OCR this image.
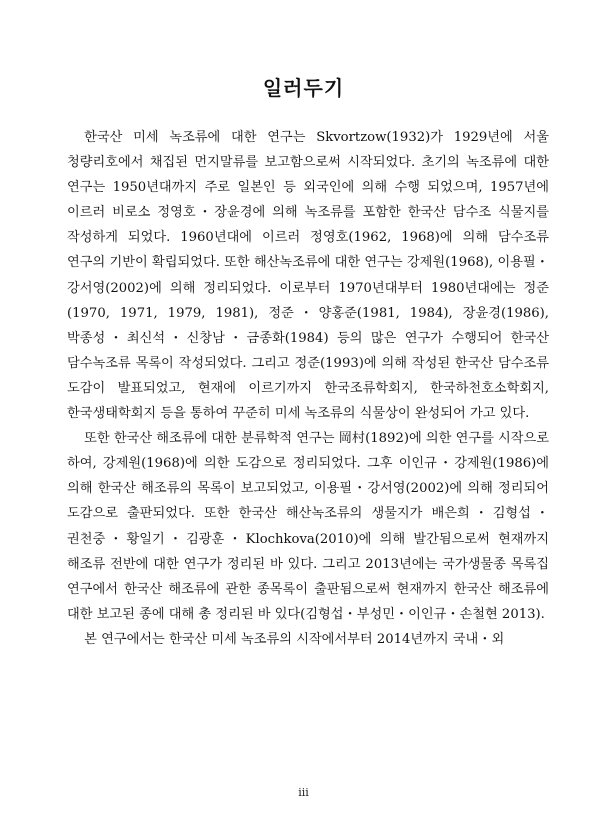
일러두기

한국산 미세 녹조류에 대한 연구는 Skvortzow(1932)가 1929년에 서울 청량리호에서 채집된 먼지말류를 보고함으로써 시작되었다. 초기의 녹조류에 대한 연구는 1950년대까지 주로 일본인 등 외국인에 의해 수행 되었으며, 1957년에 이르러 비로소 정영호・장윤경에 의해 녹조류를 포함한 한국산 담수조 식물지를 작성하게 되었다. 1960년대에 이르러 정영호(1962, 1968)에 의해 담수조류 연구의 기반이 확립되었다. 또한 해산녹조류에 대한 연구는 강제원(1968), 이용필・강서영(2002)에 의해 정리되었다. 이로부터 1970년대부터 1980년대에는 정준(1970, 1971, 1979, 1981), 정준・양홍준(1981, 1984), 장윤경(1986), 박종성・최신석・신창남・금종화(1984) 등의 많은 연구가 수행되어 한국산 담수녹조류 목록이 작성되었다. 그리고 정준(1993)에 의해 작성된 한국산 담수조류 도감이 발표되었고, 현재에 이르기까지 한국조류학회지, 한국하천호소학회지, 한국생태학회지 등을 통하여 꾸준히 미세 녹조류의 식물상이 완성되어 가고 있다.

또한 한국산 해조류에 대한 분류학적 연구는 岡村(1892)에 의한 연구를 시작으로 하여, 강제원(1968)에 의한 도감으로 정리되었다. 그후 이인규・강제원(1986)에 의해 한국산 해조류의 목록이 보고되었고, 이용필・강서영(2002)에 의해 정리되어 도감으로 출판되었다. 또한 한국산 해산녹조류의 생물지가 배은희・김형섭・권천중・황일기・김광훈・Klochkova(2010)에 의해 발간됨으로써 현재까지 해조류 전반에 대한 연구가 정리된 바 있다. 그리고 2013년에는 국가생물종 목록집 연구에서 한국산 해조류에 관한 종목록이 출판됨으로써 현재까지 한국산 해조류에 대한 보고된 종에 대해 총 정리된 바 있다(김형섭・부성민・이인규・손철현 2013).

본 연구에서는 한국산 미세 녹조류의 시작에서부터 2014년까지 국내・외

iii
